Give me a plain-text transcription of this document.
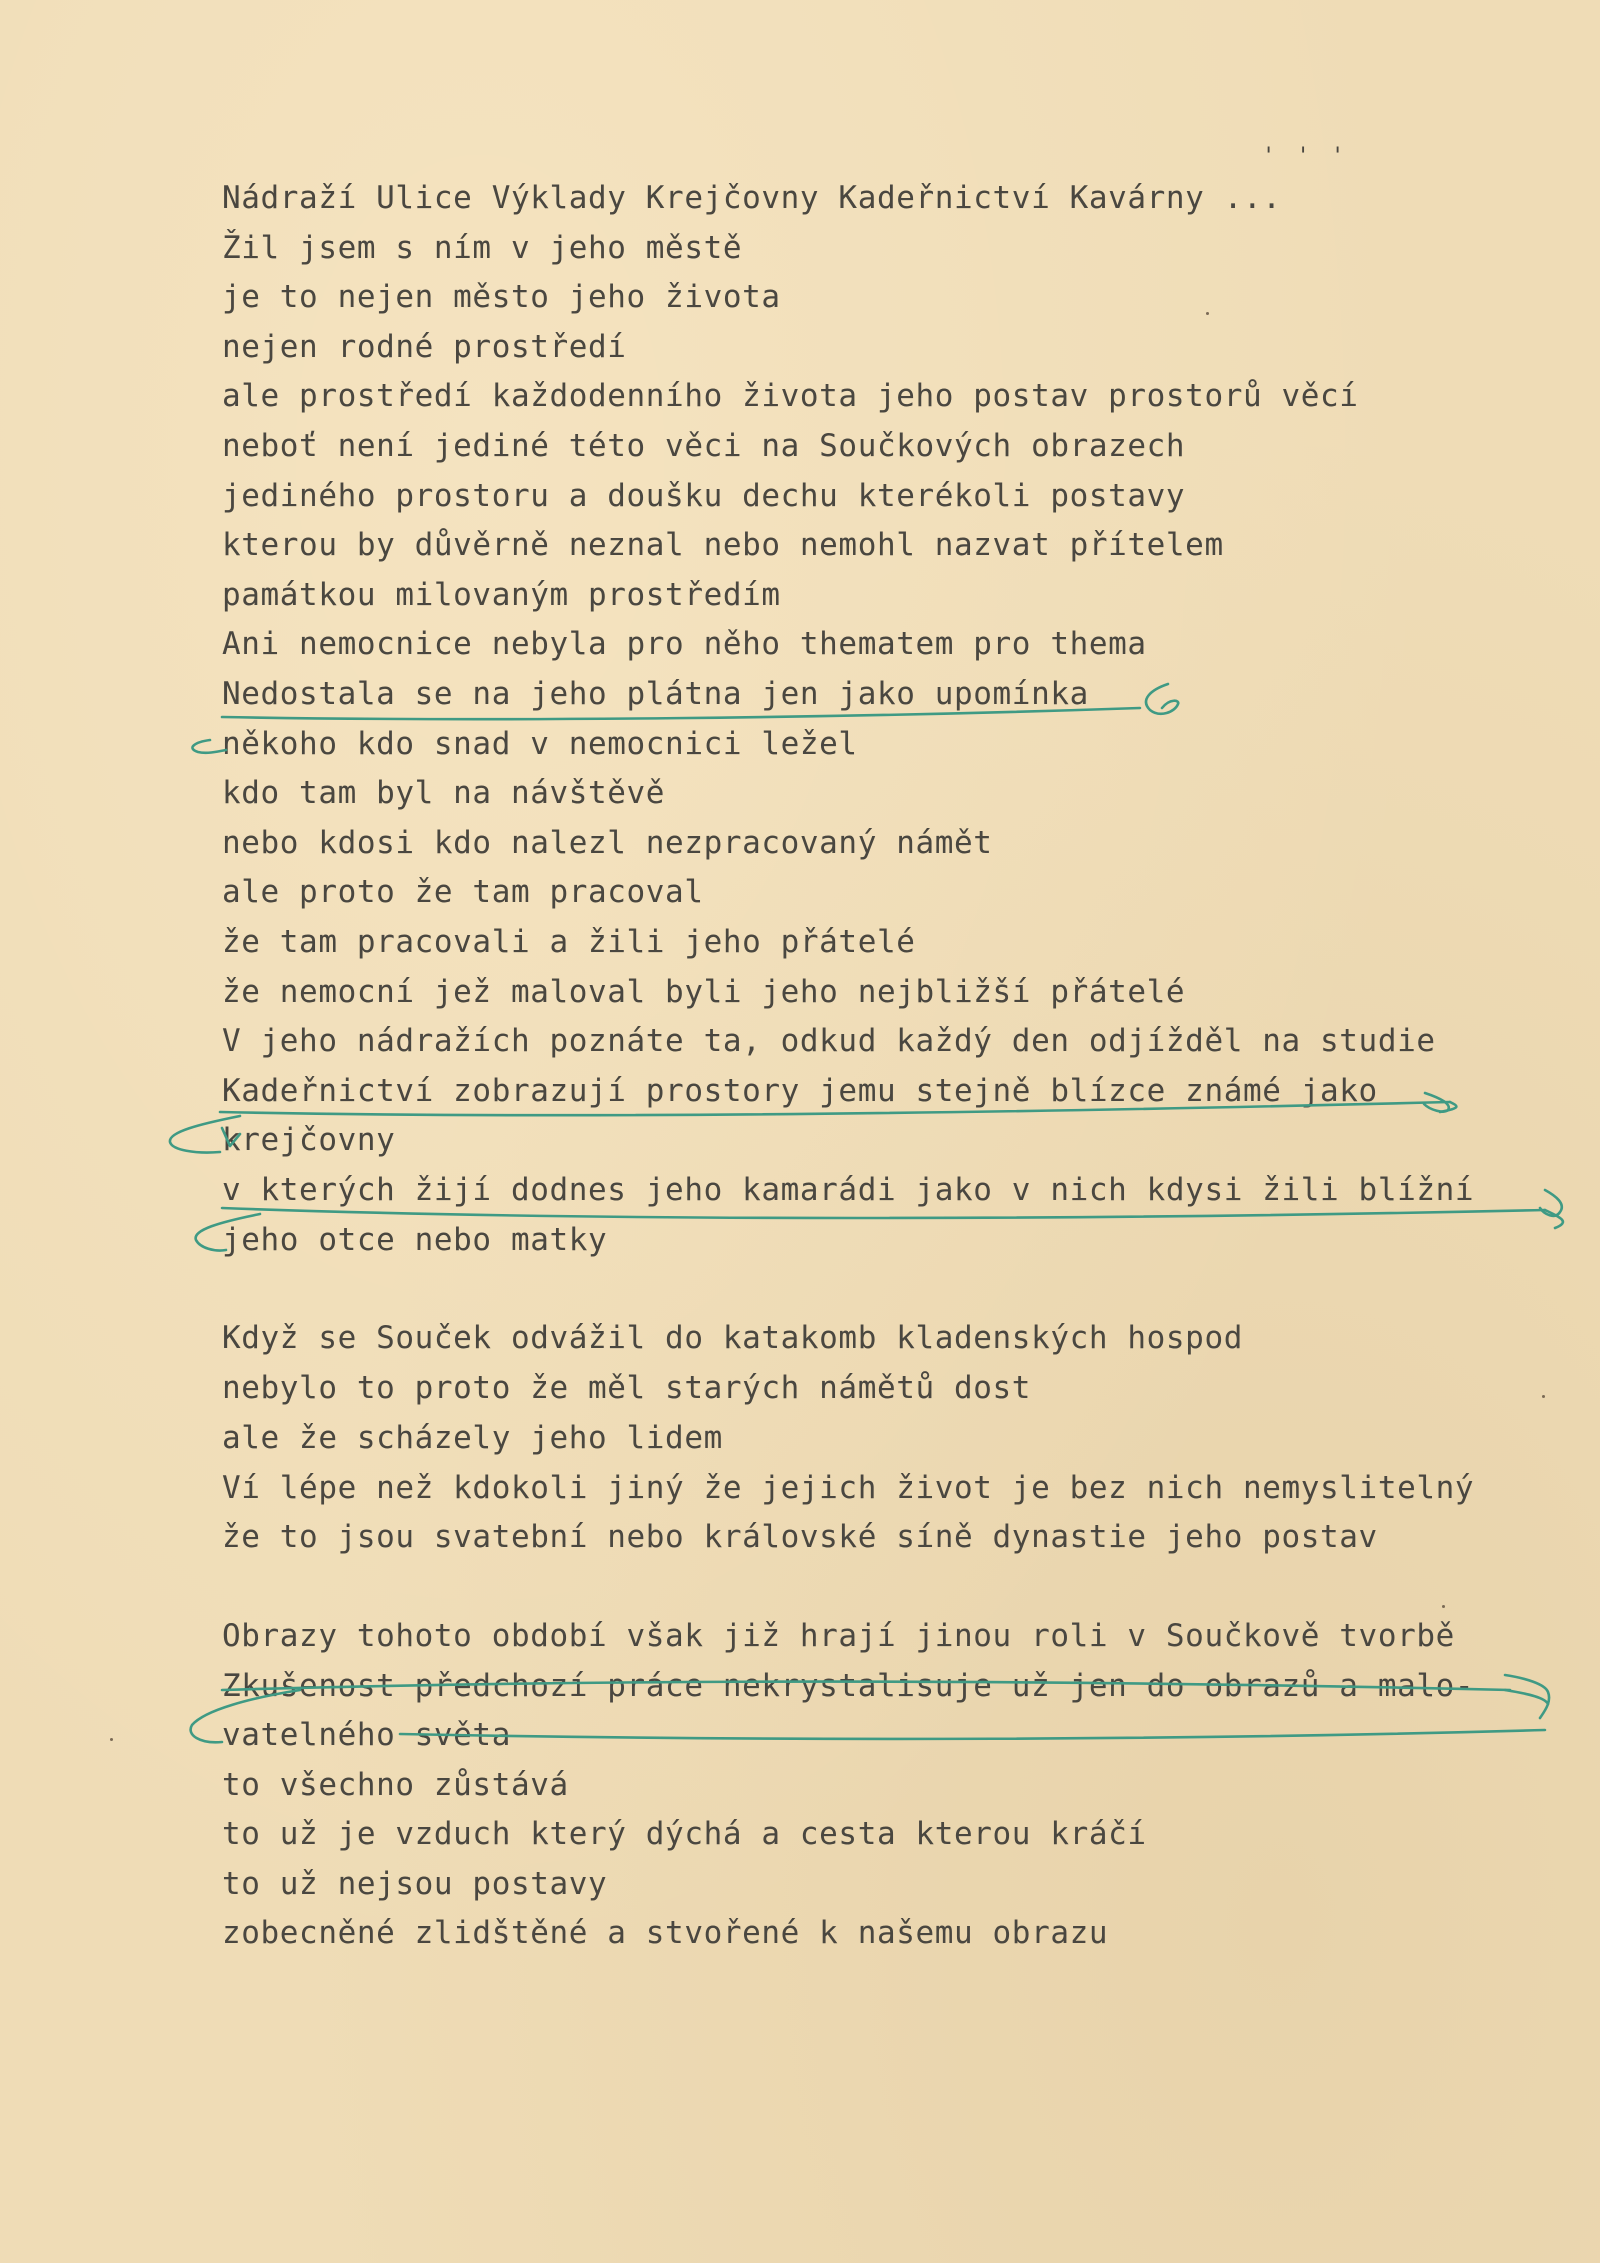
' ' '

Nádraží Ulice Výklady Krejčovny Kadeřnictví Kavárny ...

Žil jsem s ním v jeho městě

je to nejen město jeho života

nejen rodné prostředí

ale prostředí každodenního života jeho postav prostorů věcí

neboť není jediné této věci na Součkových obrazech

jediného prostoru a doušku dechu kterékoli postavy

kterou by důvěrně neznal nebo nemohl nazvat přítelem

památkou milovaným prostředím

Ani nemocnice nebyla pro něho thematem pro thema

Nedostala se na jeho plátna jen jako upomínka

někoho kdo snad v nemocnici ležel

kdo tam byl na návštěvě

nebo kdosi kdo nalezl nezpracovaný námět

ale proto že tam pracoval

že tam pracovali a žili jeho přátelé

že nemocní jež maloval byli jeho nejbližší přátelé

V jeho nádražích poznáte ta, odkud každý den odjížděl na studie

Kadeřnictví zobrazují prostory jemu stejně blízce známé jako

krejčovny

v kterých žijí dodnes jeho kamarádi jako v nich kdysi žili blížní

jeho otce nebo matky

Když se Souček odvážil do katakomb kladenských hospod

nebylo to proto že měl starých námětů dost

ale že scházely jeho lidem

Ví lépe než kdokoli jiný že jejich život je bez nich nemyslitelný

že to jsou svatební nebo královské síně dynastie jeho postav

Obrazy tohoto období však již hrají jinou roli v Součkově tvorbě

Zkušenost předchozí práce nekrystalisuje už jen do obrazů a malo-

vatelného světa

to všechno zůstává

to už je vzduch který dýchá a cesta kterou kráčí

to už nejsou postavy

zobecněné zlidštěné a stvořené k našemu obrazu
